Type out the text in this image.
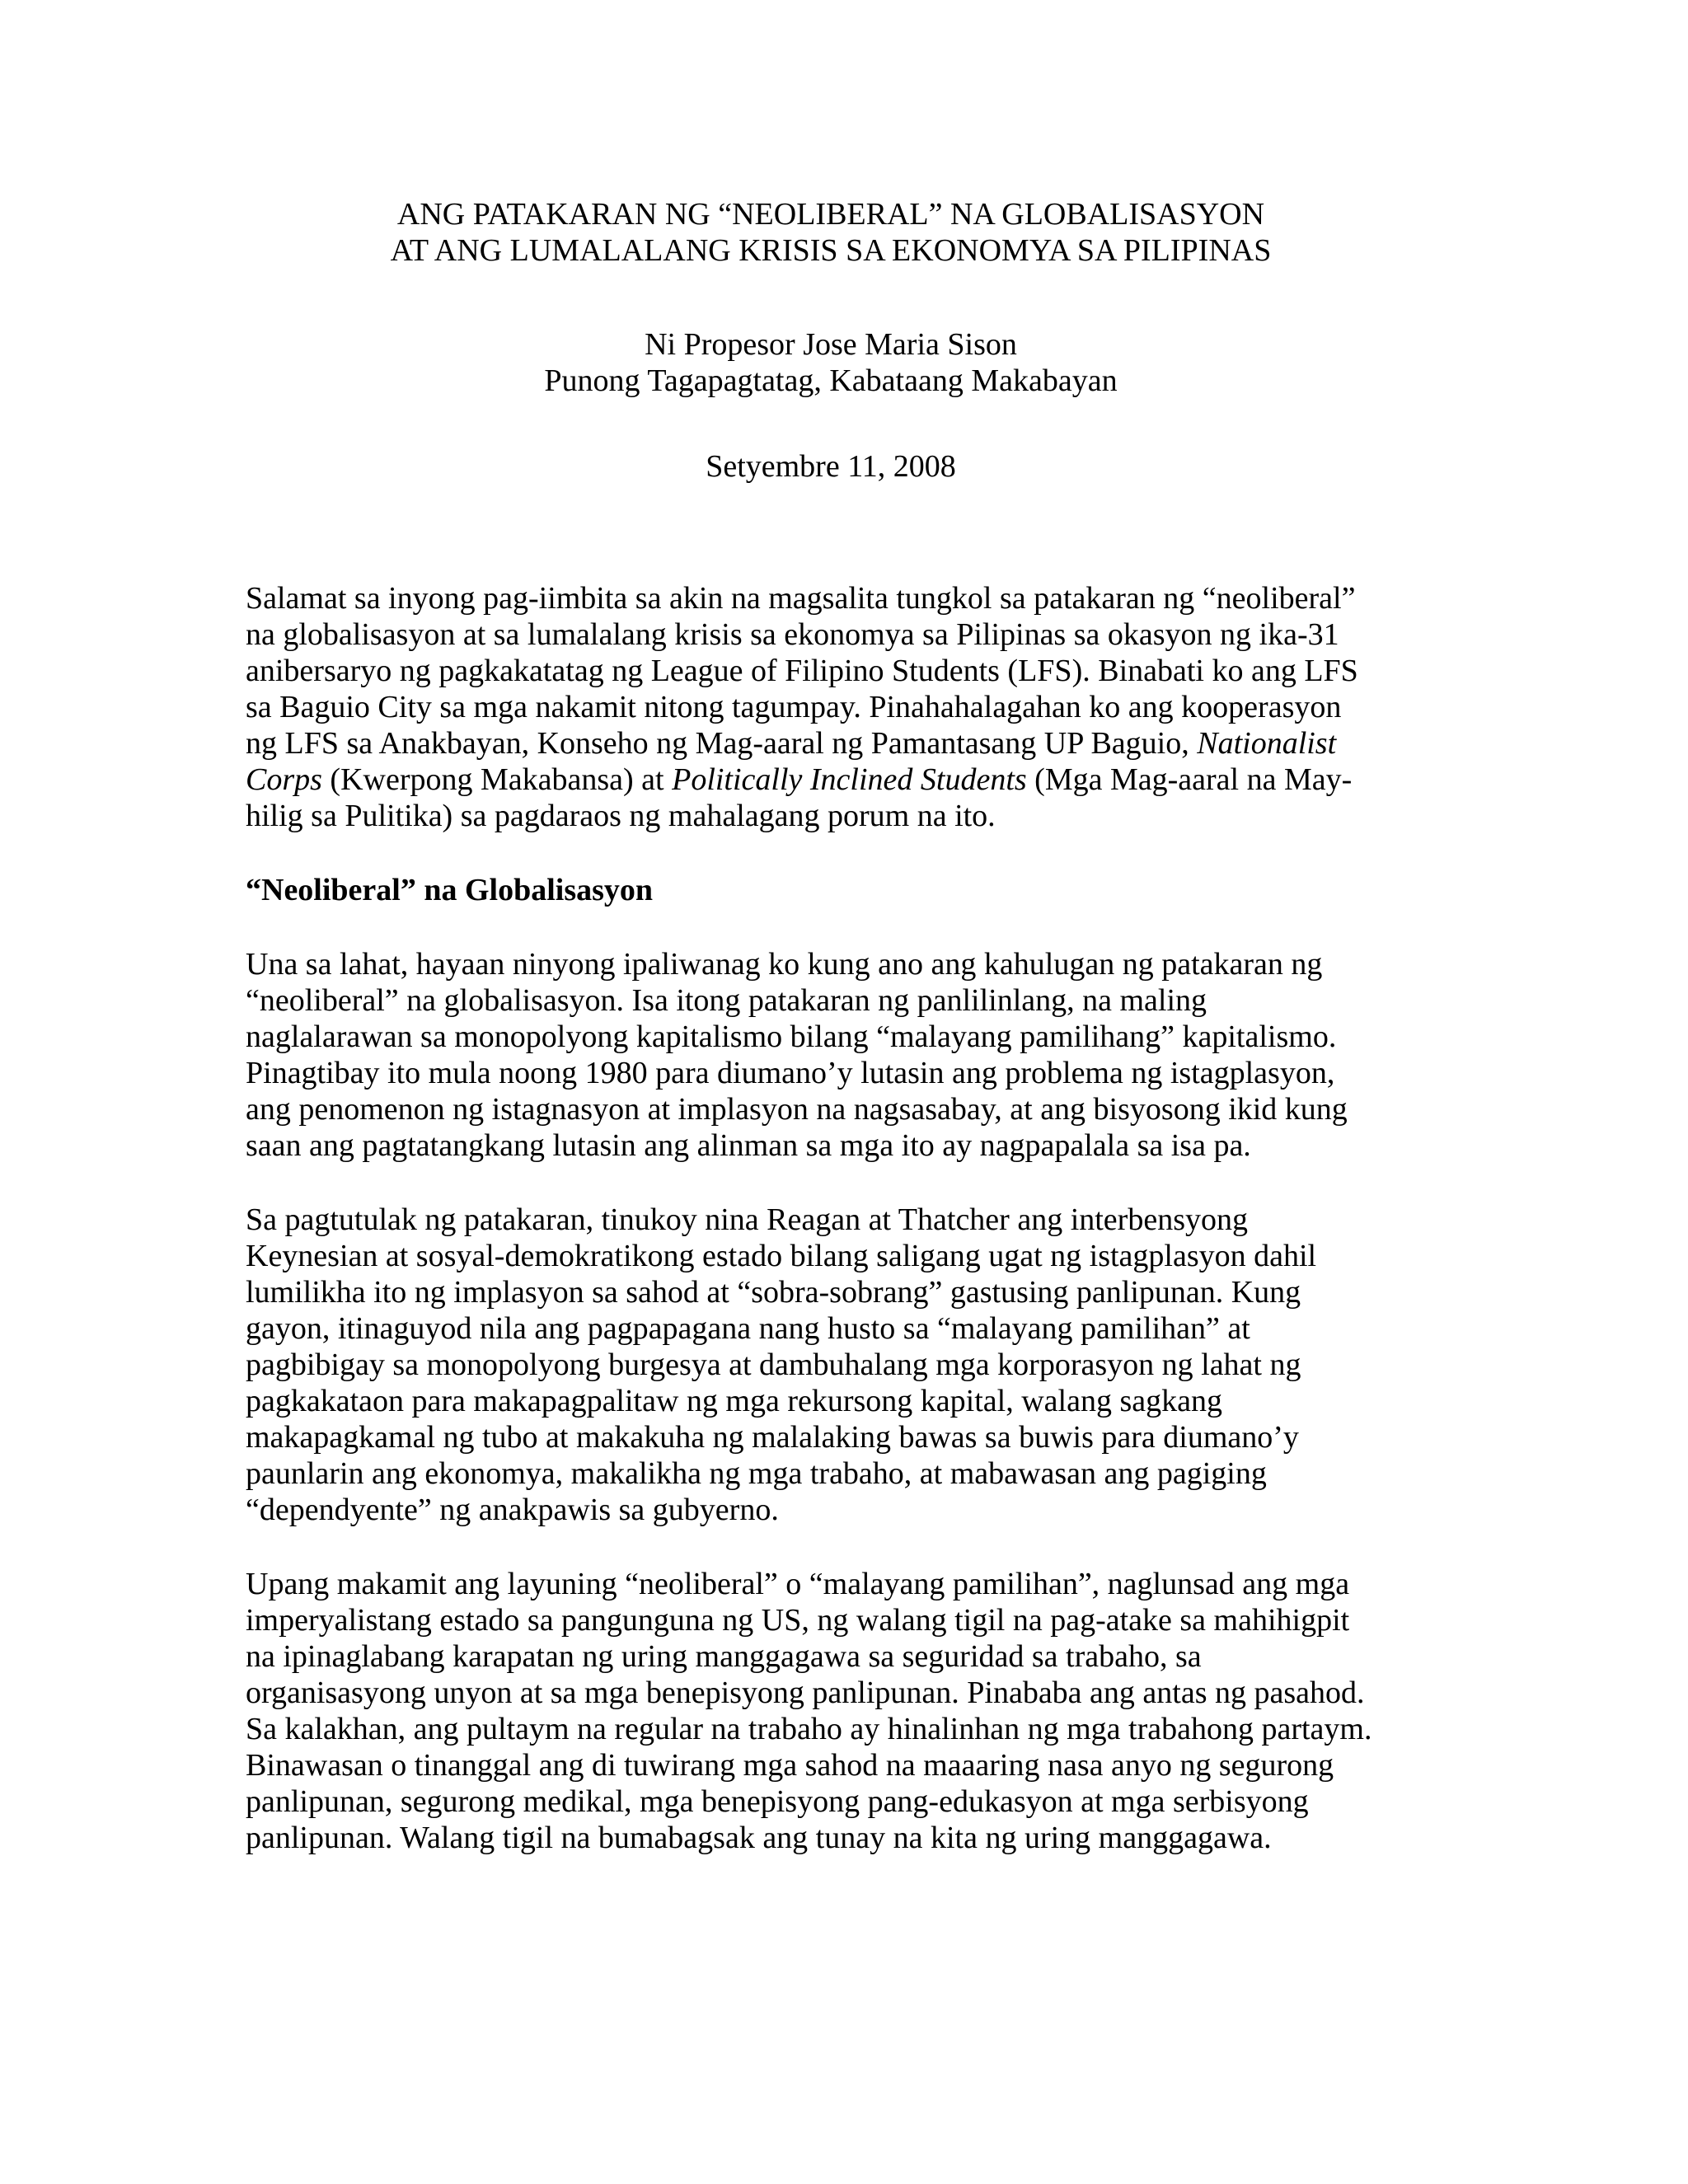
ANG PATAKARAN NG “NEOLIBERAL” NA GLOBALISASYON
AT ANG LUMALALANG KRISIS SA EKONOMYA SA PILIPINAS
Ni Propesor Jose Maria Sison
Punong Tagapagtatag, Kabataang Makabayan
Setyembre 11, 2008
Salamat sa inyong pag-iimbita sa akin na magsalita tungkol sa patakaran ng “neoliberal”
na globalisasyon at sa lumalalang krisis sa ekonomya sa Pilipinas sa okasyon ng ika-31
anibersaryo ng pagkakatatag ng League of Filipino Students (LFS). Binabati ko ang LFS
sa Baguio City sa mga nakamit nitong tagumpay. Pinahahalagahan ko ang kooperasyon
ng LFS sa Anakbayan, Konseho ng Mag-aaral ng Pamantasang UP Baguio, Nationalist
Corps (Kwerpong Makabansa) at Politically Inclined Students (Mga Mag-aaral na May-
hilig sa Pulitika) sa pagdaraos ng mahalagang porum na ito.
“Neoliberal” na Globalisasyon
Una sa lahat, hayaan ninyong ipaliwanag ko kung ano ang kahulugan ng patakaran ng
“neoliberal” na globalisasyon. Isa itong patakaran ng panlilinlang, na maling
naglalarawan sa monopolyong kapitalismo bilang “malayang pamilihang” kapitalismo.
Pinagtibay ito mula noong 1980 para diumano’y lutasin ang problema ng istagplasyon,
ang penomenon ng istagnasyon at implasyon na nagsasabay, at ang bisyosong ikid kung
saan ang pagtatangkang lutasin ang alinman sa mga ito ay nagpapalala sa isa pa.
Sa pagtutulak ng patakaran, tinukoy nina Reagan at Thatcher ang interbensyong
Keynesian at sosyal-demokratikong estado bilang saligang ugat ng istagplasyon dahil
lumilikha ito ng implasyon sa sahod at “sobra-sobrang” gastusing panlipunan. Kung
gayon, itinaguyod nila ang pagpapagana nang husto sa “malayang pamilihan” at
pagbibigay sa monopolyong burgesya at dambuhalang mga korporasyon ng lahat ng
pagkakataon para makapagpalitaw ng mga rekursong kapital, walang sagkang
makapagkamal ng tubo at makakuha ng malalaking bawas sa buwis para diumano’y
paunlarin ang ekonomya, makalikha ng mga trabaho, at mabawasan ang pagiging
“dependyente” ng anakpawis sa gubyerno.
Upang makamit ang layuning “neoliberal” o “malayang pamilihan”, naglunsad ang mga
imperyalistang estado sa pangunguna ng US, ng walang tigil na pag-atake sa mahihigpit
na ipinaglabang karapatan ng uring manggagawa sa seguridad sa trabaho, sa
organisasyong unyon at sa mga benepisyong panlipunan. Pinababa ang antas ng pasahod.
Sa kalakhan, ang pultaym na regular na trabaho ay hinalinhan ng mga trabahong partaym.
Binawasan o tinanggal ang di tuwirang mga sahod na maaaring nasa anyo ng segurong
panlipunan, segurong medikal, mga benepisyong pang-edukasyon at mga serbisyong
panlipunan. Walang tigil na bumabagsak ang tunay na kita ng uring manggagawa.
